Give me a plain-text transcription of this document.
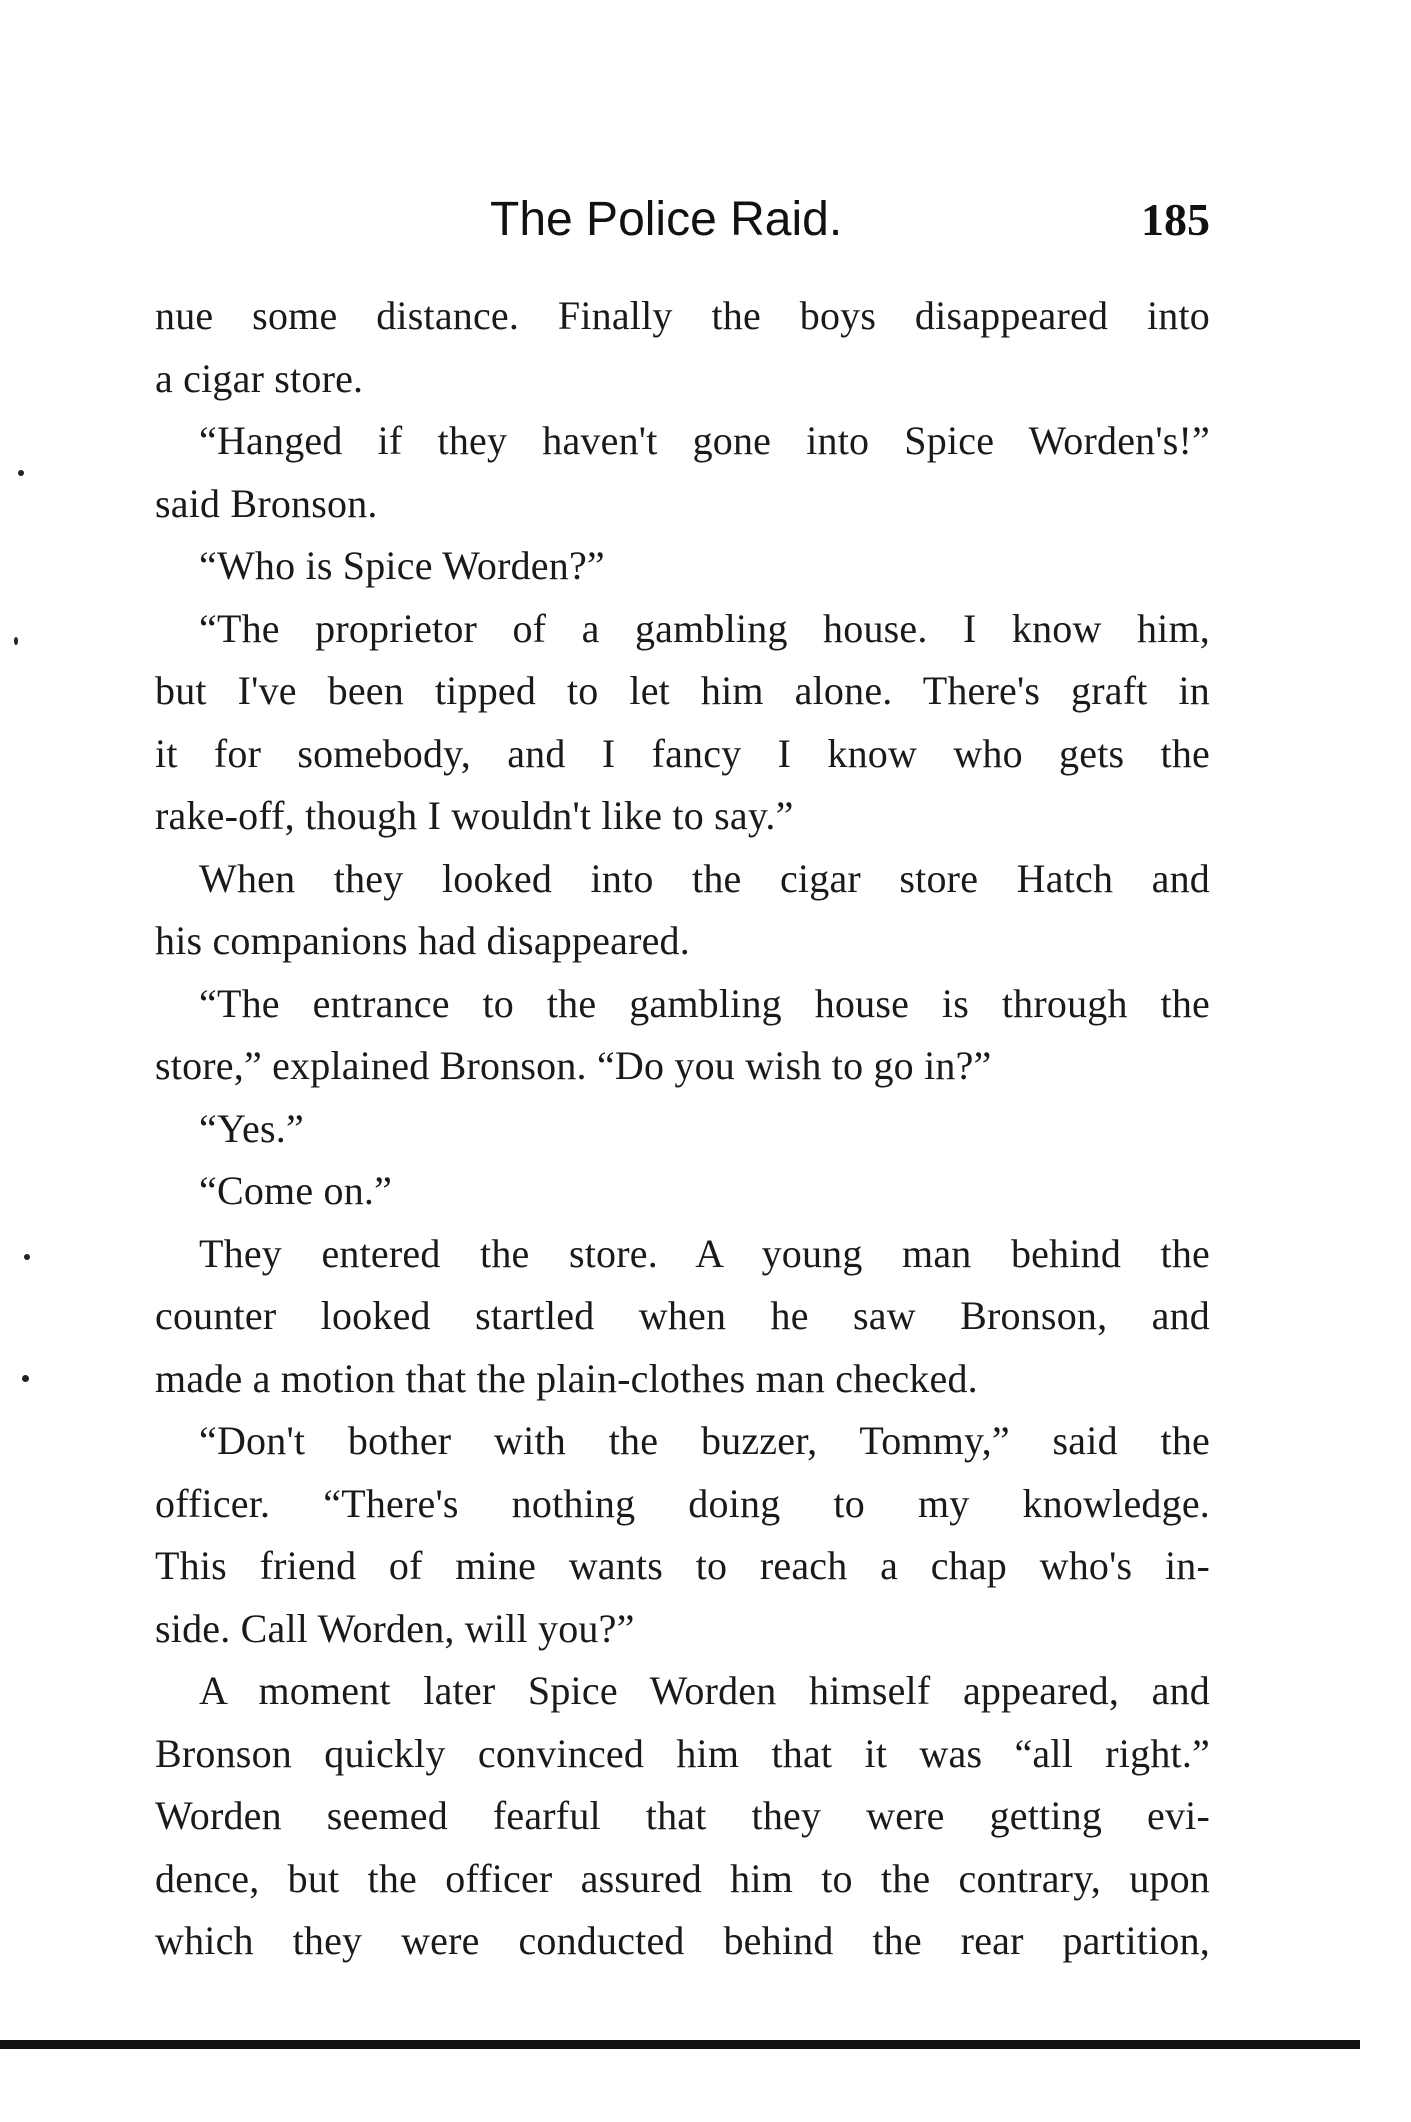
The Police Raid.	185
nue some distance. Finally the boys disappeared into
a cigar store.
“Hanged if they haven't gone into Spice Worden's!”
said Bronson.
“Who is Spice Worden?”
“The proprietor of a gambling house. I know him,
but I've been tipped to let him alone. There's graft in
it for somebody, and I fancy I know who gets the
rake-off, though I wouldn't like to say.”
When they looked into the cigar store Hatch and
his companions had disappeared.
“The entrance to the gambling house is through the
store,” explained Bronson. “Do you wish to go in?”
“Yes.”
“Come on.”
They entered the store. A young man behind the
counter looked startled when he saw Bronson, and
made a motion that the plain-clothes man checked.
“Don't bother with the buzzer, Tommy,” said the
officer. “There's nothing doing to my knowledge.
This friend of mine wants to reach a chap who's in-
side. Call Worden, will you?”
A moment later Spice Worden himself appeared, and
Bronson quickly convinced him that it was “all right.”
Worden seemed fearful that they were getting evi-
dence, but the officer assured him to the contrary, upon
which they were conducted behind the rear partition,
